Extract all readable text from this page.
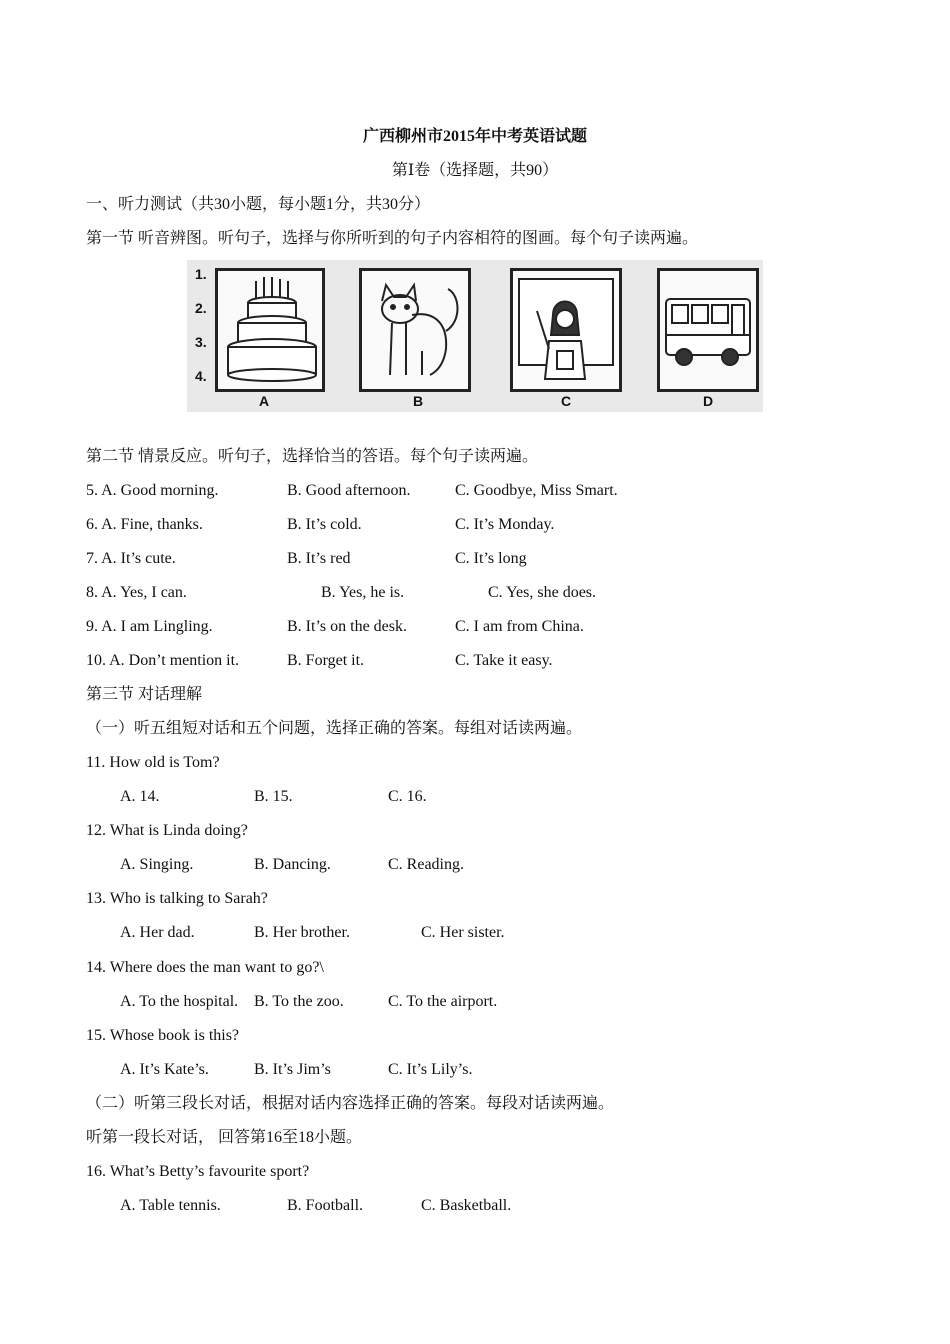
广西柳州市2015年中考英语试题
第Ⅰ卷（选择题，共90）
一、听力测试（共30小题，每小题1分，共30分）
第一节 听音辨图。听句子，选择与你所听到的句子内容相符的图画。每个句子读两遍。
1.
2.
3.
4.
A	B	C	D
第二节 情景反应。听句子，选择恰当的答语。每个句子读两遍。
5. A. Good morning.	B. Good afternoon.	C. Goodbye, Miss Smart.
6. A. Fine, thanks.	B. It’s cold.	C. It’s Monday.
7. A. It’s cute.	B. It’s red	C. It’s long
8. A. Yes, I can.	B. Yes, he is.	C. Yes, she does.
9. A. I am Lingling.	B. It’s on the desk.	C. I am from China.
10. A. Don’t mention it.	B. Forget it.	C. Take it easy.
第三节 对话理解
（一）听五组短对话和五个问题，选择正确的答案。每组对话读两遍。
11. How old is Tom?
A. 14.	B. 15.	C. 16.
12. What is Linda doing?
A. Singing.	B. Dancing.	C. Reading.
13. Who is talking to Sarah?
A. Her dad.	B. Her brother.	C. Her sister.
14. Where does the man want to go?\
A. To the hospital. B. To the zoo.	C. To the airport.
15. Whose book is this?
A. It’s Kate’s.	B. It’s Jim’s	C. It’s Lily’s.
（二）听第三段长对话，根据对话内容选择正确的答案。每段对话读两遍。
听第一段长对话， 回答第16至18小题。
16. What’s Betty’s favourite sport?
A. Table tennis.	B. Football.	C. Basketball.
